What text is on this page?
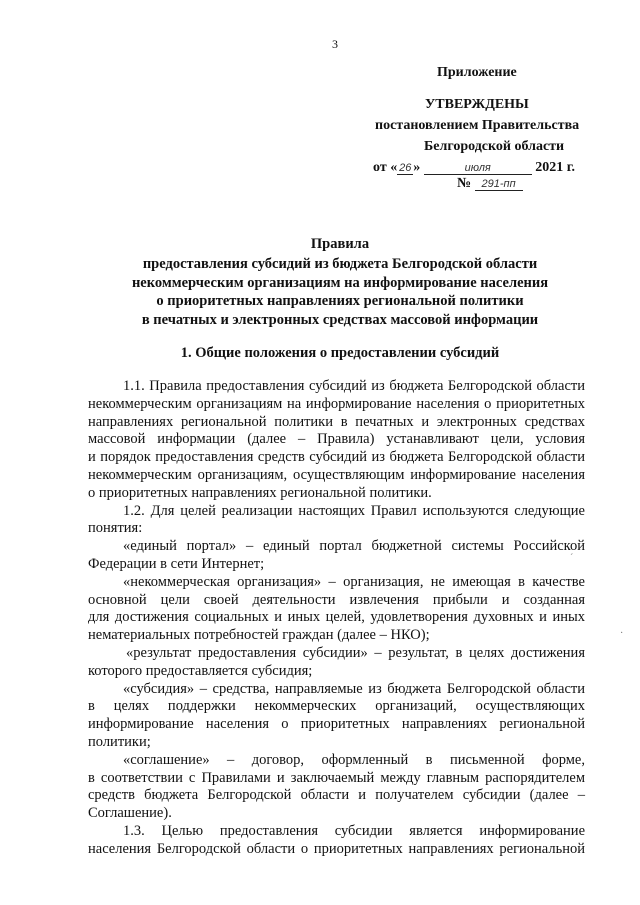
3
Приложение
УТВЕРЖДЕНЫ
постановлением Правительства
Белгородской области
от « 26 »	июля	2021 г.
№ 291-пп
Правила
предоставления субсидий из бюджета Белгородской области
некоммерческим организациям на информирование населения
о приоритетных направлениях региональной политики
в печатных и электронных средствах массовой информации
1. Общие положения о предоставлении субсидий
1.1. Правила предоставления субсидий из бюджета Белгородской области
некоммерческим организациям на информирование населения о приоритетных
направлениях региональной политики в печатных и электронных средствах
массовой информации (далее – Правила) устанавливают цели, условия
и порядок предоставления средств субсидий из бюджета Белгородской области
некоммерческим организациям, осуществляющим информирование населения
о приоритетных направлениях региональной политики.
1.2. Для целей реализации настоящих Правил используются следующие
понятия:
«единый портал» – единый портал бюджетной системы Российской
Федерации в сети Интернет;
«некоммерческая организация» – организация, не имеющая в качестве
основной цели своей деятельности извлечения прибыли и созданная
для достижения социальных и иных целей, удовлетворения духовных и иных
нематериальных потребностей граждан (далее – НКО);
«результат предоставления субсидии» – результат, в целях достижения
которого предоставляется субсидия;
«субсидия» – средства, направляемые из бюджета Белгородской области
в целях поддержки некоммерческих организаций, осуществляющих
информирование населения о приоритетных направлениях региональной
политики;
«соглашение» – договор, оформленный в письменной форме,
в соответствии с Правилами и заключаемый между главным распорядителем
средств бюджета Белгородской области и получателем субсидии (далее –
Соглашение).
1.3. Целью предоставления субсидии является информирование
населения Белгородской области о приоритетных направлениях региональной
´
·
